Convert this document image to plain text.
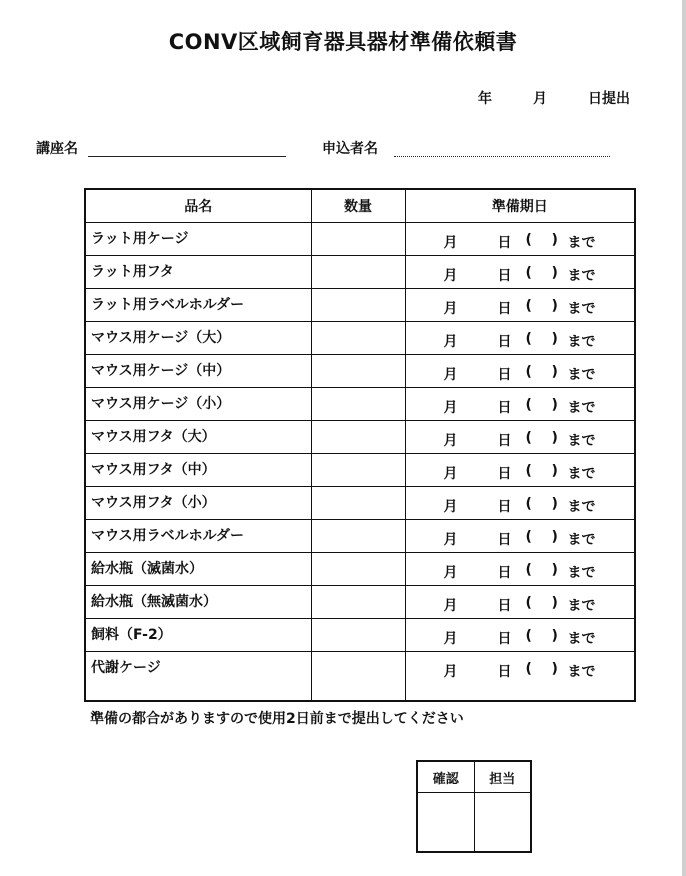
CONV区域飼育器具器材準備依頼書
年	月	日提出
講座名	申込者名
品名	数量	準備期日

ラット用ケージ		月 日 ( ) まで

ラット用フタ		月 日 ( ) まで

ラット用ラベルホルダー		月 日 ( ) まで

マウス用ケージ（大）		月 日 ( ) まで

マウス用ケージ（中）		月 日 ( ) まで

マウス用ケージ（小）		月 日 ( ) まで

マウス用フタ（大）		月 日 ( ) まで

マウス用フタ（中）		月 日 ( ) まで

マウス用フタ（小）		月 日 ( ) まで

マウス用ラベルホルダー		月 日 ( ) まで

給水瓶（滅菌水）		月 日 ( ) まで

給水瓶（無滅菌水）		月 日 ( ) まで

飼料（F-2）		月 日 ( ) まで

代謝ケージ		月 日 ( ) まで
準備の都合がありますので使用2日前まで提出してください
確認	担当
